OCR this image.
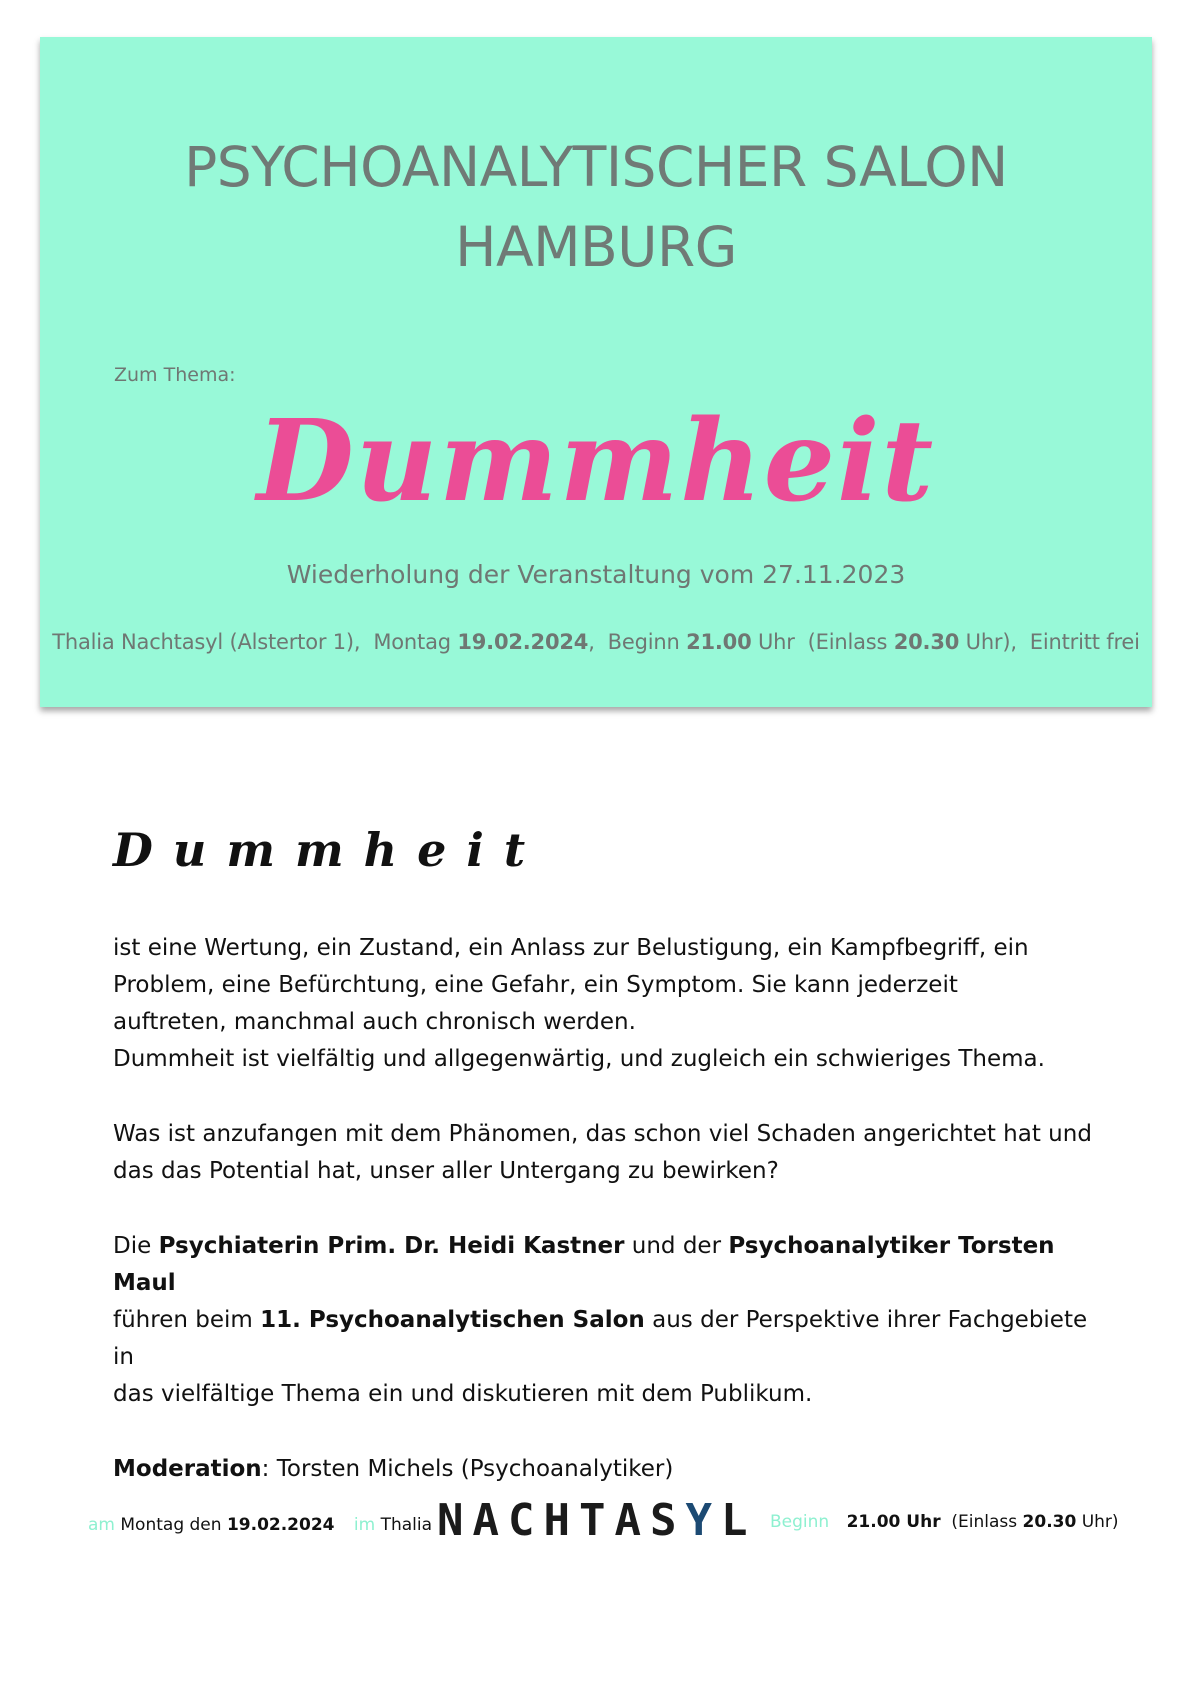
PSYCHOANALYTISCHER SALON
HAMBURG
Zum Thema:
Dummheit
Wiederholung der Veranstaltung vom 27.11.2023
Thalia Nachtasyl (Alstertor 1), Montag 19.02.2024,  Beginn 21.00 Uhr (Einlass 20.30 Uhr), Eintritt frei
Dummheit

ist eine Wertung, ein Zustand, ein Anlass zur Belustigung, ein Kampfbegriff, ein

Problem, eine Befürchtung, eine Gefahr, ein Symptom. Sie kann jederzeit

auftreten, manchmal auch chronisch werden.

Dummheit ist vielfältig und allgegenwärtig, und zugleich ein schwieriges Thema.

Was ist anzufangen mit dem Phänomen, das schon viel Schaden angerichtet hat und

das das Potential hat, unser aller Untergang zu bewirken?

Die Psychiaterin Prim. Dr. Heidi Kastner und der Psychoanalytiker Torsten Maul

führen beim 11. Psychoanalytischen Salon aus der Perspektive ihrer Fachgebiete in

das vielfältige Thema ein und diskutieren mit dem Publikum.

Moderation: Torsten Michels (Psychoanalytiker)

am Montag den 19.02.2024 im Thalia NACHTASYL Beginn 21.00 Uhr (Einlass 20.30 Uhr)
